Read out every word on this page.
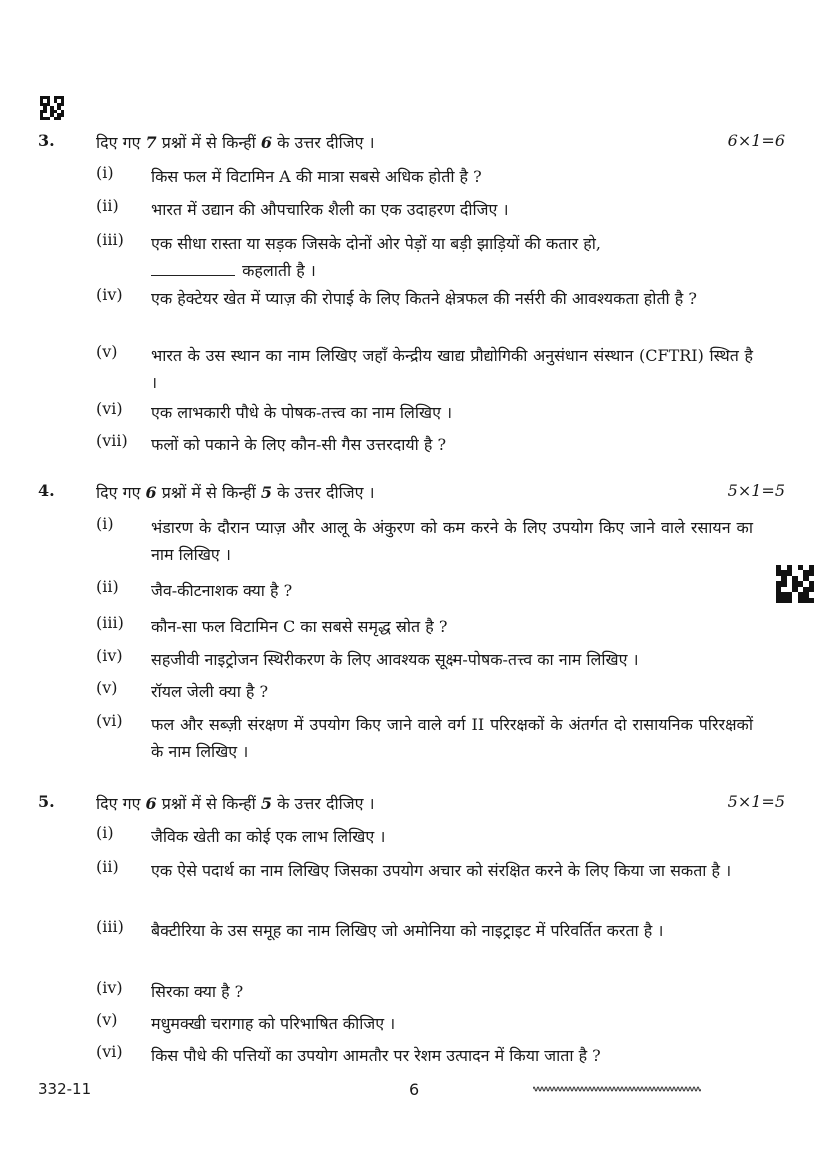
3.	दिए गए 7 प्रश्नों में से किन्हीं 6 के उत्तर दीजिए ।	6×1=6
(i) किस फल में विटामिन A की मात्रा सबसे अधिक होती है ?
(ii) भारत में उद्यान की औपचारिक शैली का एक उदाहरण दीजिए ।
(iii) एक सीधा रास्ता या सड़क जिसके दोनों ओर पेड़ों या बड़ी झाड़ियों की कतार हो,
कहलाती है ।
(iv) एक हेक्टेयर खेत में प्याज़ की रोपाई के लिए कितने क्षेत्रफल की नर्सरी की आवश्यकता होती है ?
(v) भारत के उस स्थान का नाम लिखिए जहाँ केन्द्रीय खाद्य प्रौद्योगिकी अनुसंधान संस्थान (CFTRI) स्थित है ।
(vi) एक लाभकारी पौधे के पोषक-तत्त्व का नाम लिखिए ।
(vii) फलों को पकाने के लिए कौन-सी गैस उत्तरदायी है ?
4.	दिए गए 6 प्रश्नों में से किन्हीं 5 के उत्तर दीजिए ।	5×1=5
(i) भंडारण के दौरान प्याज़ और आलू के अंकुरण को कम करने के लिए उपयोग किए जाने वाले रसायन का नाम लिखिए ।
(ii) जैव-कीटनाशक क्या है ?
(iii) कौन-सा फल विटामिन C का सबसे समृद्ध स्रोत है ?
(iv) सहजीवी नाइट्रोजन स्थिरीकरण के लिए आवश्यक सूक्ष्म-पोषक-तत्त्व का नाम लिखिए ।
(v) रॉयल जेली क्या है ?
(vi) फल और सब्ज़ी संरक्षण में उपयोग किए जाने वाले वर्ग II परिरक्षकों के अंतर्गत दो रासायनिक परिरक्षकों के नाम लिखिए ।
5.	दिए गए 6 प्रश्नों में से किन्हीं 5 के उत्तर दीजिए ।	5×1=5
(i) जैविक खेती का कोई एक लाभ लिखिए ।
(ii) एक ऐसे पदार्थ का नाम लिखिए जिसका उपयोग अचार को संरक्षित करने के लिए किया जा सकता है ।
(iii) बैक्टीरिया के उस समूह का नाम लिखिए जो अमोनिया को नाइट्राइट में परिवर्तित करता है ।
(iv) सिरका क्या है ?
(v) मधुमक्खी चरागाह को परिभाषित कीजिए ।
(vi) किस पौधे की पत्तियों का उपयोग आमतौर पर रेशम उत्पादन में किया जाता है ?
332-11	6
